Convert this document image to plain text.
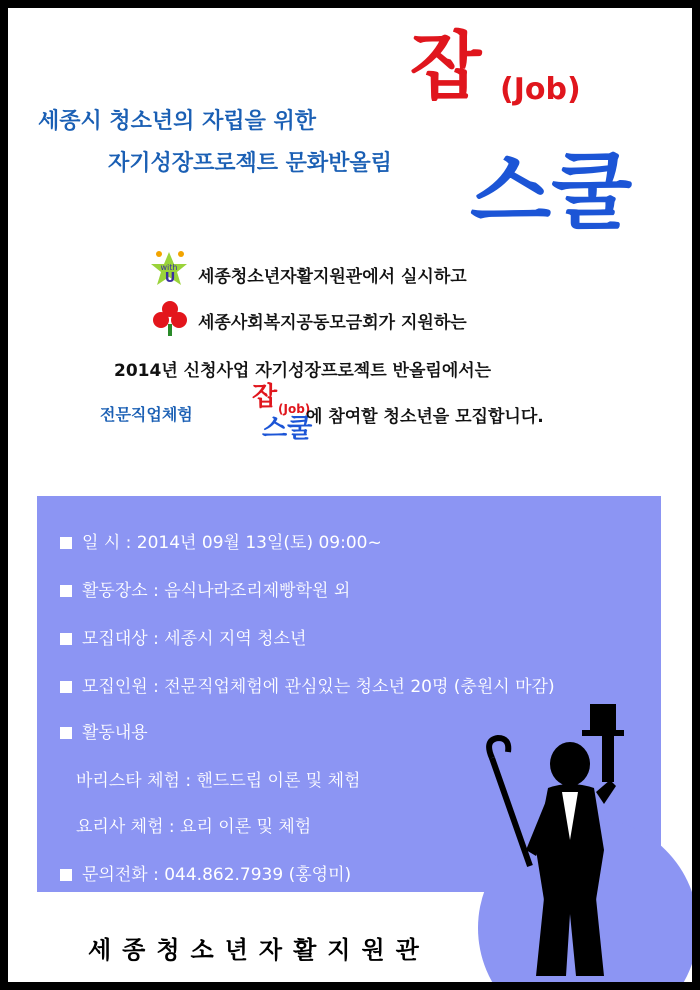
세종시 청소년의 자립을 위한
자기성장프로젝트 문화반올림
잡 (Job)
스쿨
with
U 세종청소년자활지원관에서 실시하고
세종사회복지공동모금회가 지원하는
2014년 신청사업 자기성장프로젝트 반올림에서는
전문직업체험
잡 (Job)
스쿨
에 참여할 청소년을 모집합니다.
일 시 : 2014년 09월 13일(토) 09:00~
활동장소 : 음식나라조리제빵학원 외
모집대상 : 세종시 지역 청소년
모집인원 : 전문직업체험에 관심있는 청소년 20명 (충원시 마감)
활동내용
바리스타 체험 : 핸드드립 이론 및 체험
요리사 체험 : 요리 이론 및 체험
문의전화 : 044.862.7939 (홍영미)
세종청소년자활지원관
